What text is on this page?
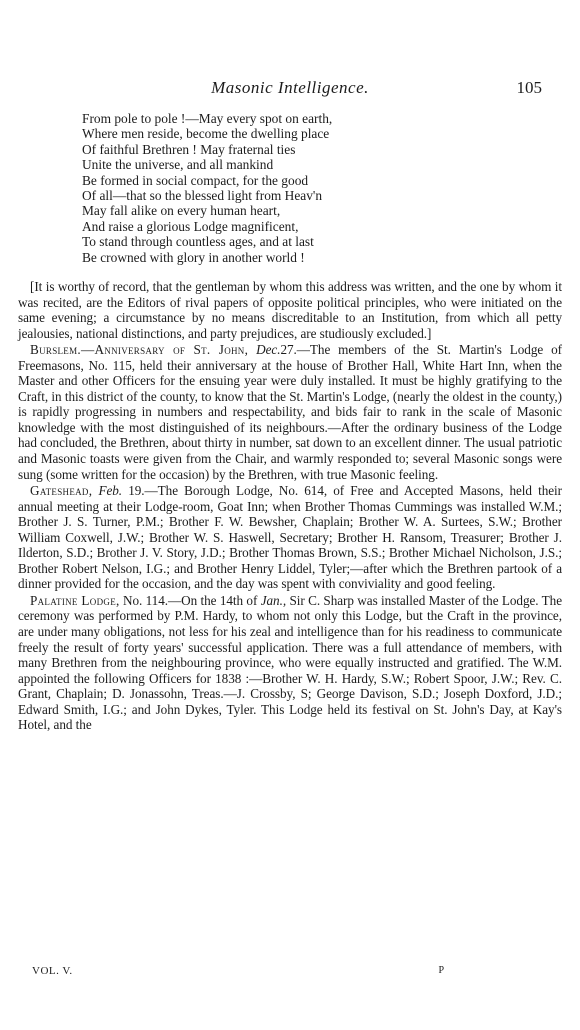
Masonic Intelligence.	105
From pole to pole !—May every spot on earth,
Where men reside, become the dwelling place
Of faithful Brethren ! May fraternal ties
Unite the universe, and all mankind
Be formed in social compact, for the good
Of all—that so the blessed light from Heav'n
May fall alike on every human heart,
And raise a glorious Lodge magnificent,
To stand through countless ages, and at last
Be crowned with glory in another world !

[It is worthy of record, that the gentleman by whom this address was written, and the one by whom it was recited, are the Editors of rival papers of opposite political principles, who were initiated on the same evening; a circumstance by no means discreditable to an Institution, from which all petty jealousies, national distinctions, and party prejudices, are studiously excluded.]

Burslem.—Anniversary of St. John, Dec.27.—The members of the St. Martin's Lodge of Freemasons, No. 115, held their anniversary at the house of Brother Hall, White Hart Inn, when the Master and other Officers for the ensuing year were duly installed. It must be highly gratifying to the Craft, in this district of the county, to know that the St. Martin's Lodge, (nearly the oldest in the county,) is rapidly progressing in numbers and respectability, and bids fair to rank in the scale of Masonic knowledge with the most distinguished of its neighbours.—After the ordinary business of the Lodge had concluded, the Brethren, about thirty in number, sat down to an excellent dinner. The usual patriotic and Masonic toasts were given from the Chair, and warmly responded to; several Masonic songs were sung (some written for the occasion) by the Brethren, with true Masonic feeling.

Gateshead, Feb. 19.—The Borough Lodge, No. 614, of Free and Accepted Masons, held their annual meeting at their Lodge-room, Goat Inn; when Brother Thomas Cummings was installed W.M.; Brother J. S. Turner, P.M.; Brother F. W. Bewsher, Chaplain; Brother W. A. Surtees, S.W.; Brother William Coxwell, J.W.; Brother W. S. Haswell, Secretary; Brother H. Ransom, Treasurer; Brother J. Ilderton, S.D.; Brother J. V. Story, J.D.; Brother Thomas Brown, S.S.; Brother Michael Nicholson, J.S.; Brother Robert Nelson, I.G.; and Brother Henry Liddel, Tyler;—after which the Brethren partook of a dinner provided for the occasion, and the day was spent with conviviality and good feeling.

Palatine Lodge, No. 114.—On the 14th of Jan., Sir C. Sharp was installed Master of the Lodge. The ceremony was performed by P.M. Hardy, to whom not only this Lodge, but the Craft in the province, are under many obligations, not less for his zeal and intelligence than for his readiness to communicate freely the result of forty years' successful application. There was a full attendance of members, with many Brethren from the neighbouring province, who were equally instructed and gratified. The W.M. appointed the following Officers for 1838 :—Brother W. H. Hardy, S.W.; Robert Spoor, J.W.; Rev. C. Grant, Chaplain; D. Jonassohn, Treas.—J. Crossby, S; George Davison, S.D.; Joseph Doxford, J.D.; Edward Smith, I.G.; and John Dykes, Tyler. This Lodge held its festival on St. John's Day, at Kay's Hotel, and the

VOL. V.	P
